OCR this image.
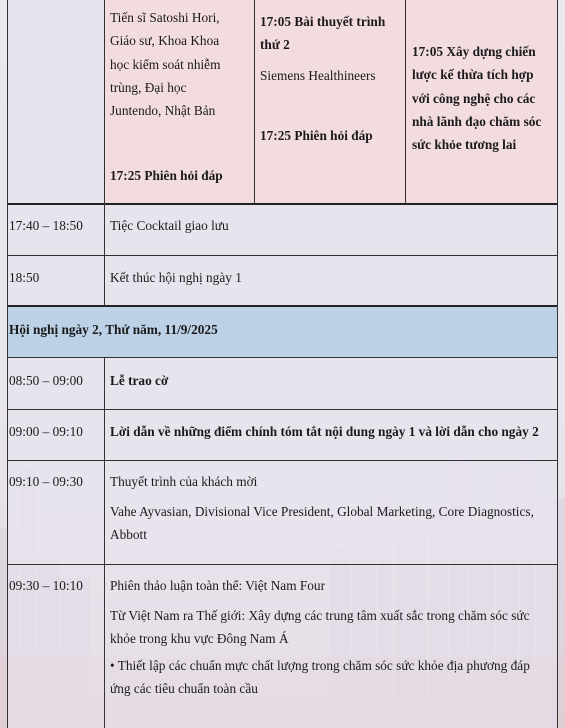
Tiến sĩ Satoshi Hori,

Giáo sư, Khoa Khoa

học kiểm soát nhiễm

trùng, Đại học

Juntendo, Nhật Bản

17:25 Phiên hỏi đáp

17:05 Bài thuyết trình

thứ 2

Siemens Healthineers
17:25 Phiên hỏi đáp

17:05 Xây dựng chiến

lược kế thừa tích hợp

với công nghệ cho các

nhà lãnh đạo chăm sóc

sức khỏe tương lai

17:40 – 18:50 Tiệc Cocktail giao lưu
18:50	Kết thúc hội nghị ngày 1
Hội nghị ngày 2, Thứ năm, 11/9/2025
08:50 – 09:00 Lễ trao cờ
09:00 – 09:10 Lời dẫn về những điểm chính tóm tắt nội dung ngày 1 và lời dẫn cho ngày 2
09:10 – 09:30 Thuyết trình của khách mời

Vahe Ayvasian, Divisional Vice President, Global Marketing, Core Diagnostics,

Abbott

09:30 – 10:10 Phiên thảo luận toàn thể: Việt Nam Four

Từ Việt Nam ra Thế giới: Xây dựng các trung tâm xuất sắc trong chăm sóc sức

khỏe trong khu vực Đông Nam Á

• Thiết lập các chuẩn mực chất lượng trong chăm sóc sức khỏe địa phương đáp

ứng các tiêu chuẩn toàn cầu
